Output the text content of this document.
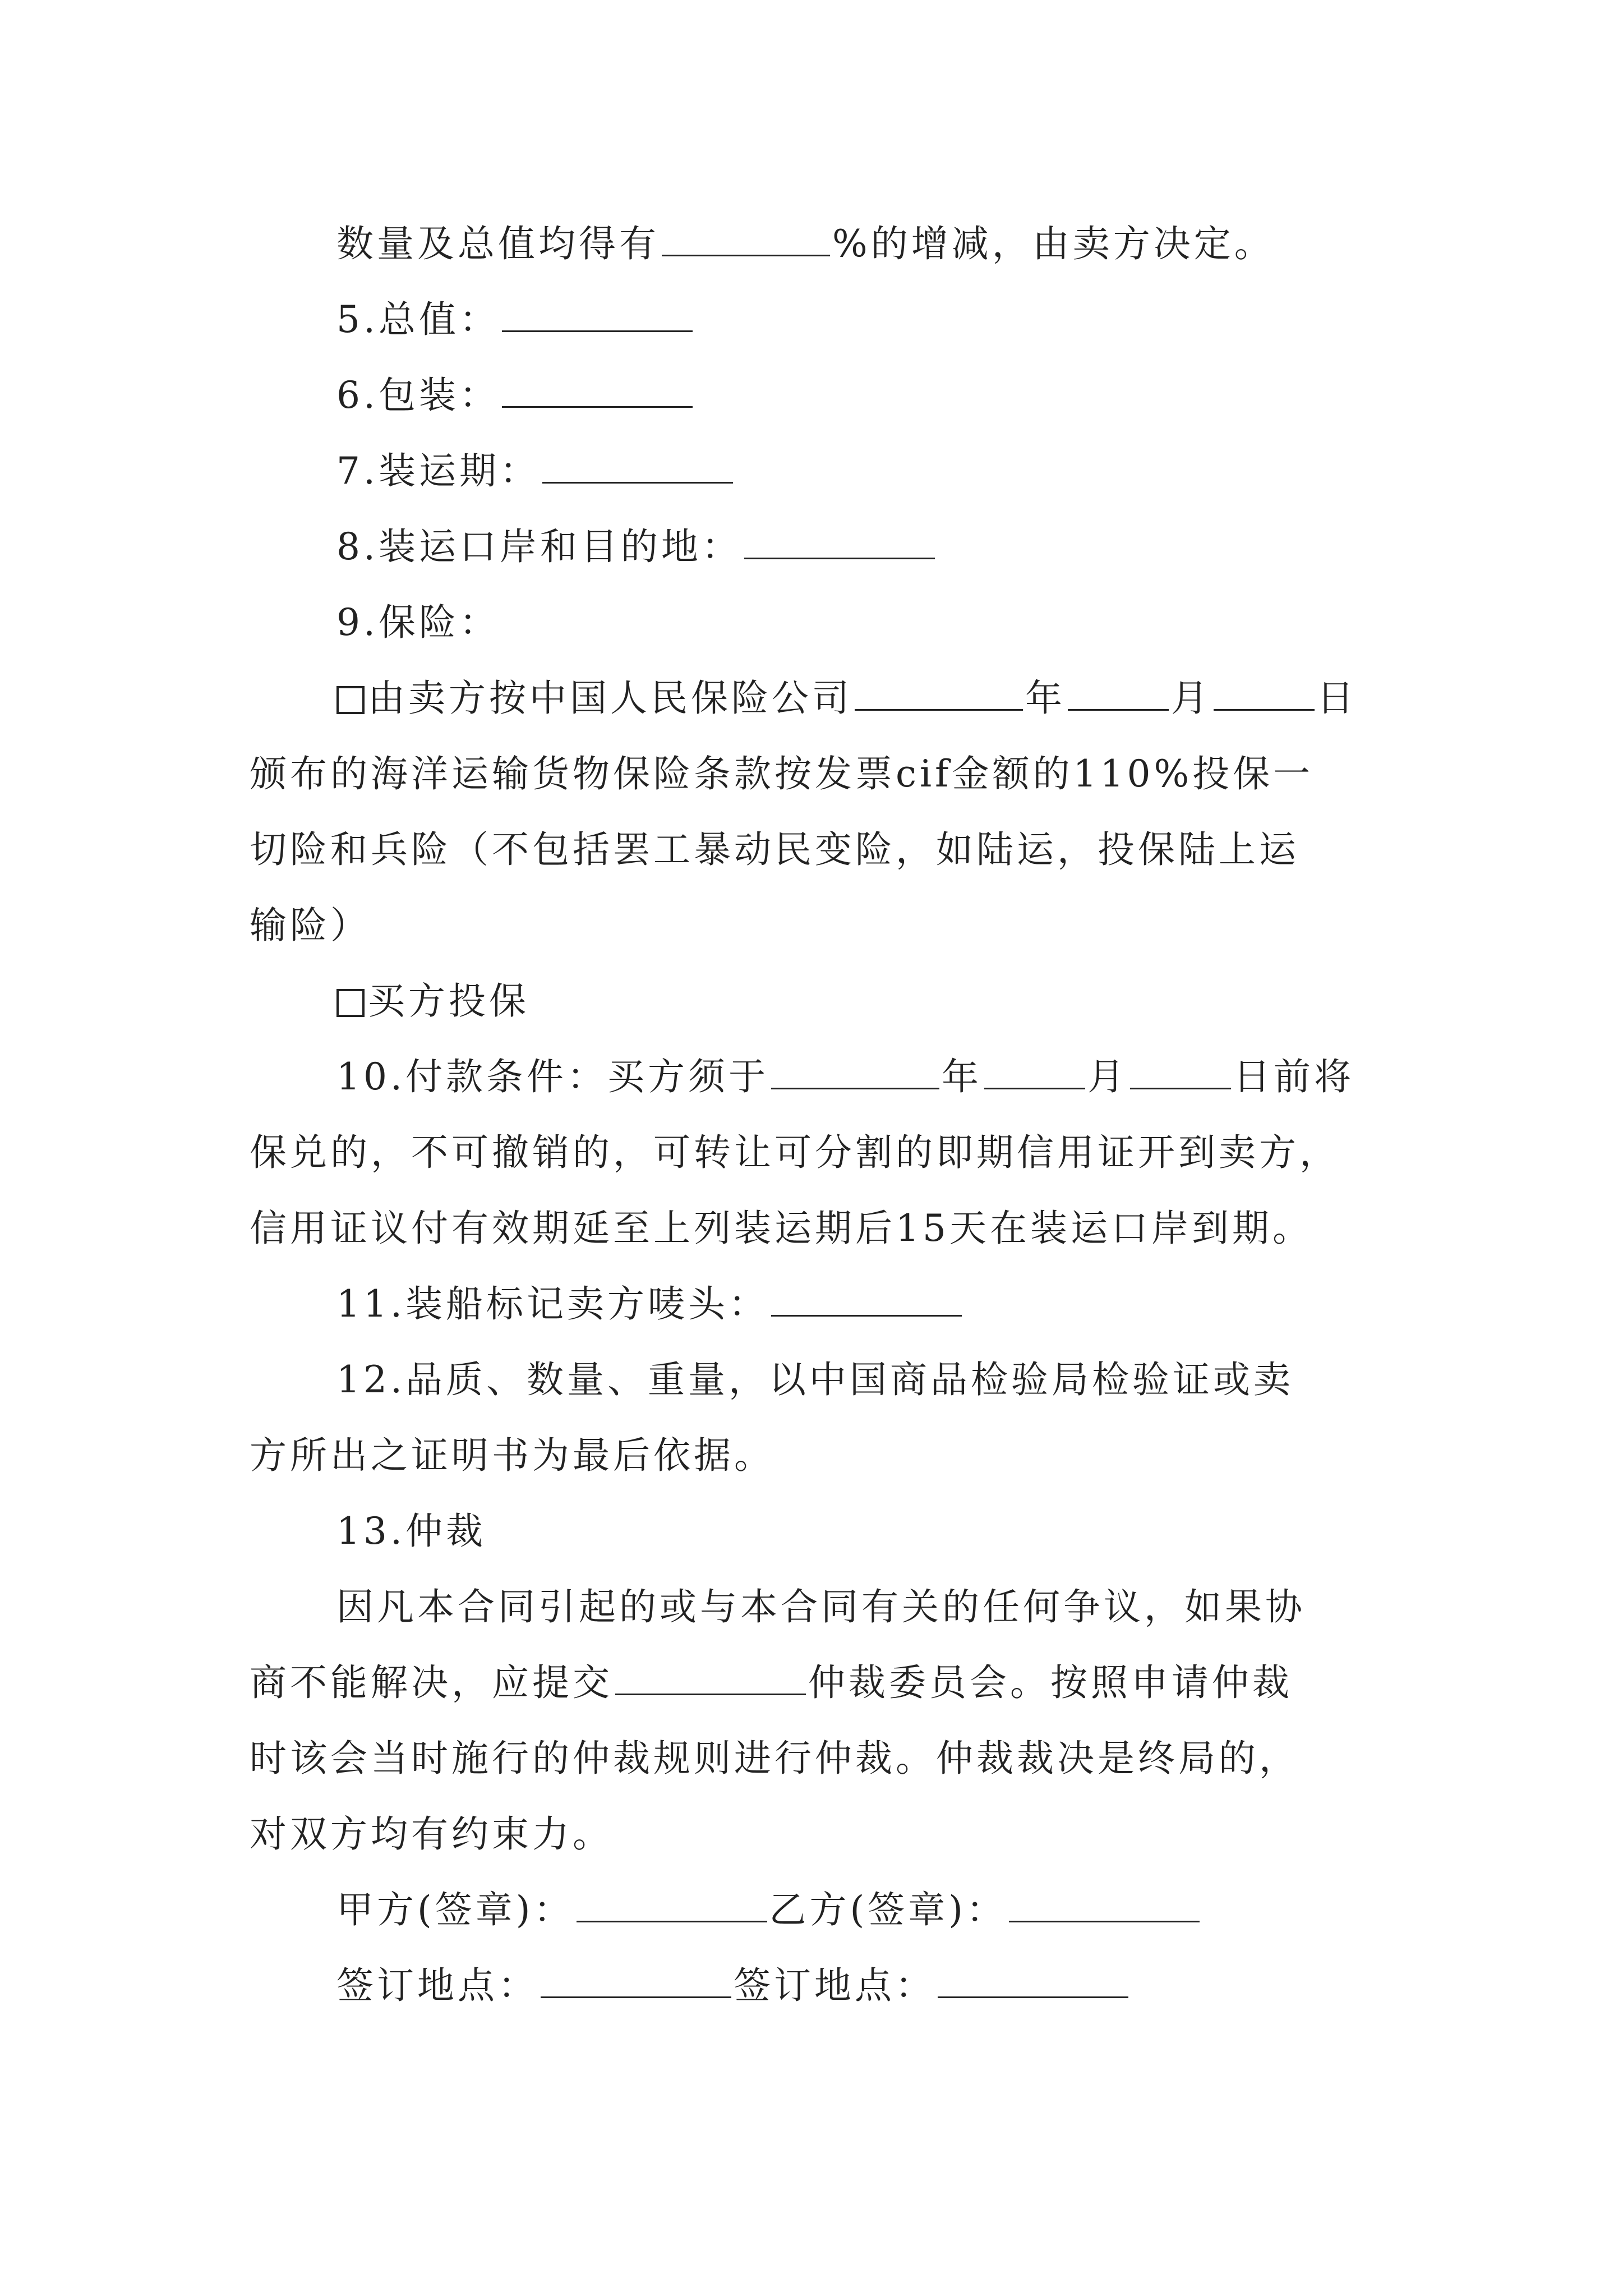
数量及总值均得有	%的增减，由卖方决定。
5.总值：
6.包装：
7.装运期：
8.装运口岸和目的地：
9.保险：
由卖方按中国人民保险公司	年	月	日
颁布的海洋运输货物保险条款按发票cif金额的110%投保一
切险和兵险（不包括罢工暴动民变险，如陆运，投保陆上运
输险）
买方投保
10.付款条件：买方须于	年	月	日前将
保兑的，不可撤销的，可转让可分割的即期信用证开到卖方，
信用证议付有效期延至上列装运期后15天在装运口岸到期。
11.装船标记卖方唛头：
12.品质、数量、重量，以中国商品检验局检验证或卖
方所出之证明书为最后依据。
13.仲裁
因凡本合同引起的或与本合同有关的任何争议，如果协
商不能解决，应提交	仲裁委员会。按照申请仲裁
时该会当时施行的仲裁规则进行仲裁。仲裁裁决是终局的，
对双方均有约束力。
甲方(签章)：	乙方(签章)：
签订地点：	签订地点：
